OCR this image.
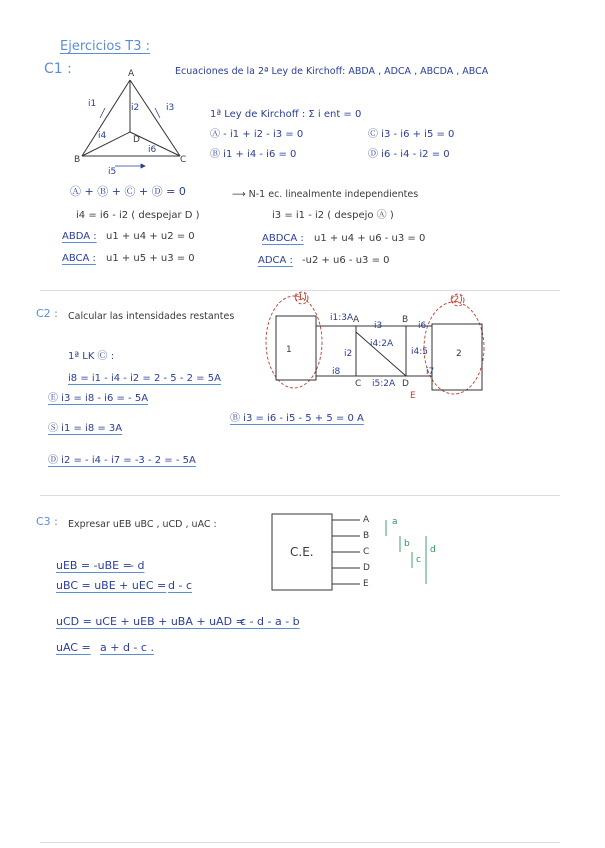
Ejercicios T3 :
C1 :	Ecuaciones de la 2ª Ley de Kirchoff: ABDA , ADCA , ABCDA , ABCA
A
B	C
D
i1	i2	i3
i4
i5
i6
1ª Ley de Kirchoff : Σ i ent = 0
Ⓐ - i1 + i2 - i3 = 0
Ⓑ i1 + i4 - i6 = 0
Ⓒ i3 - i6 + i5 = 0
Ⓓ i6 - i4 - i2 = 0
Ⓐ + Ⓑ + Ⓒ + Ⓓ = 0	⟶ N-1 ec. linealmente independientes
i4 = i6 - i2 ( despejar D )	i3 = i1 - i2 ( despejo Ⓐ )
ABDA : u1 + u4 + u2 = 0	ABDCA : u1 + u4 + u6 - u3 = 0
ABCA : u1 + u5 + u3 = 0	ADCA : -u2 + u6 - u3 = 0
C2 : Calcular las intensidades restantes
1	2
(1)	(2)
i1:3A
i3	i6
i2
i4:2A
i4:5
i7
i8
i5:2A
A	B
C	D
E
1ª LK Ⓒ :
i8 = i1 - i4 - i2 = 2 - 5 - 2 = 5A
Ⓔ i3 = i8 - i6 = - 5A
Ⓑ i3 = i6 - i5 - 5 + 5 = 0 A
Ⓢ i1 = i8 = 3A
Ⓓ i2 = - i4 - i7 = -3 - 2 = - 5A
C3 : Expresar uEB uBC , uCD , uAC :
C.E.
A
B
C
D
E
a
b
c
d
uEB = -uBE =
- d
uBC = uBE + uEC = d - c
uCD = uCE + uEB + uBA + uAD =
c - d - a - b
uAC = a + d - c .
